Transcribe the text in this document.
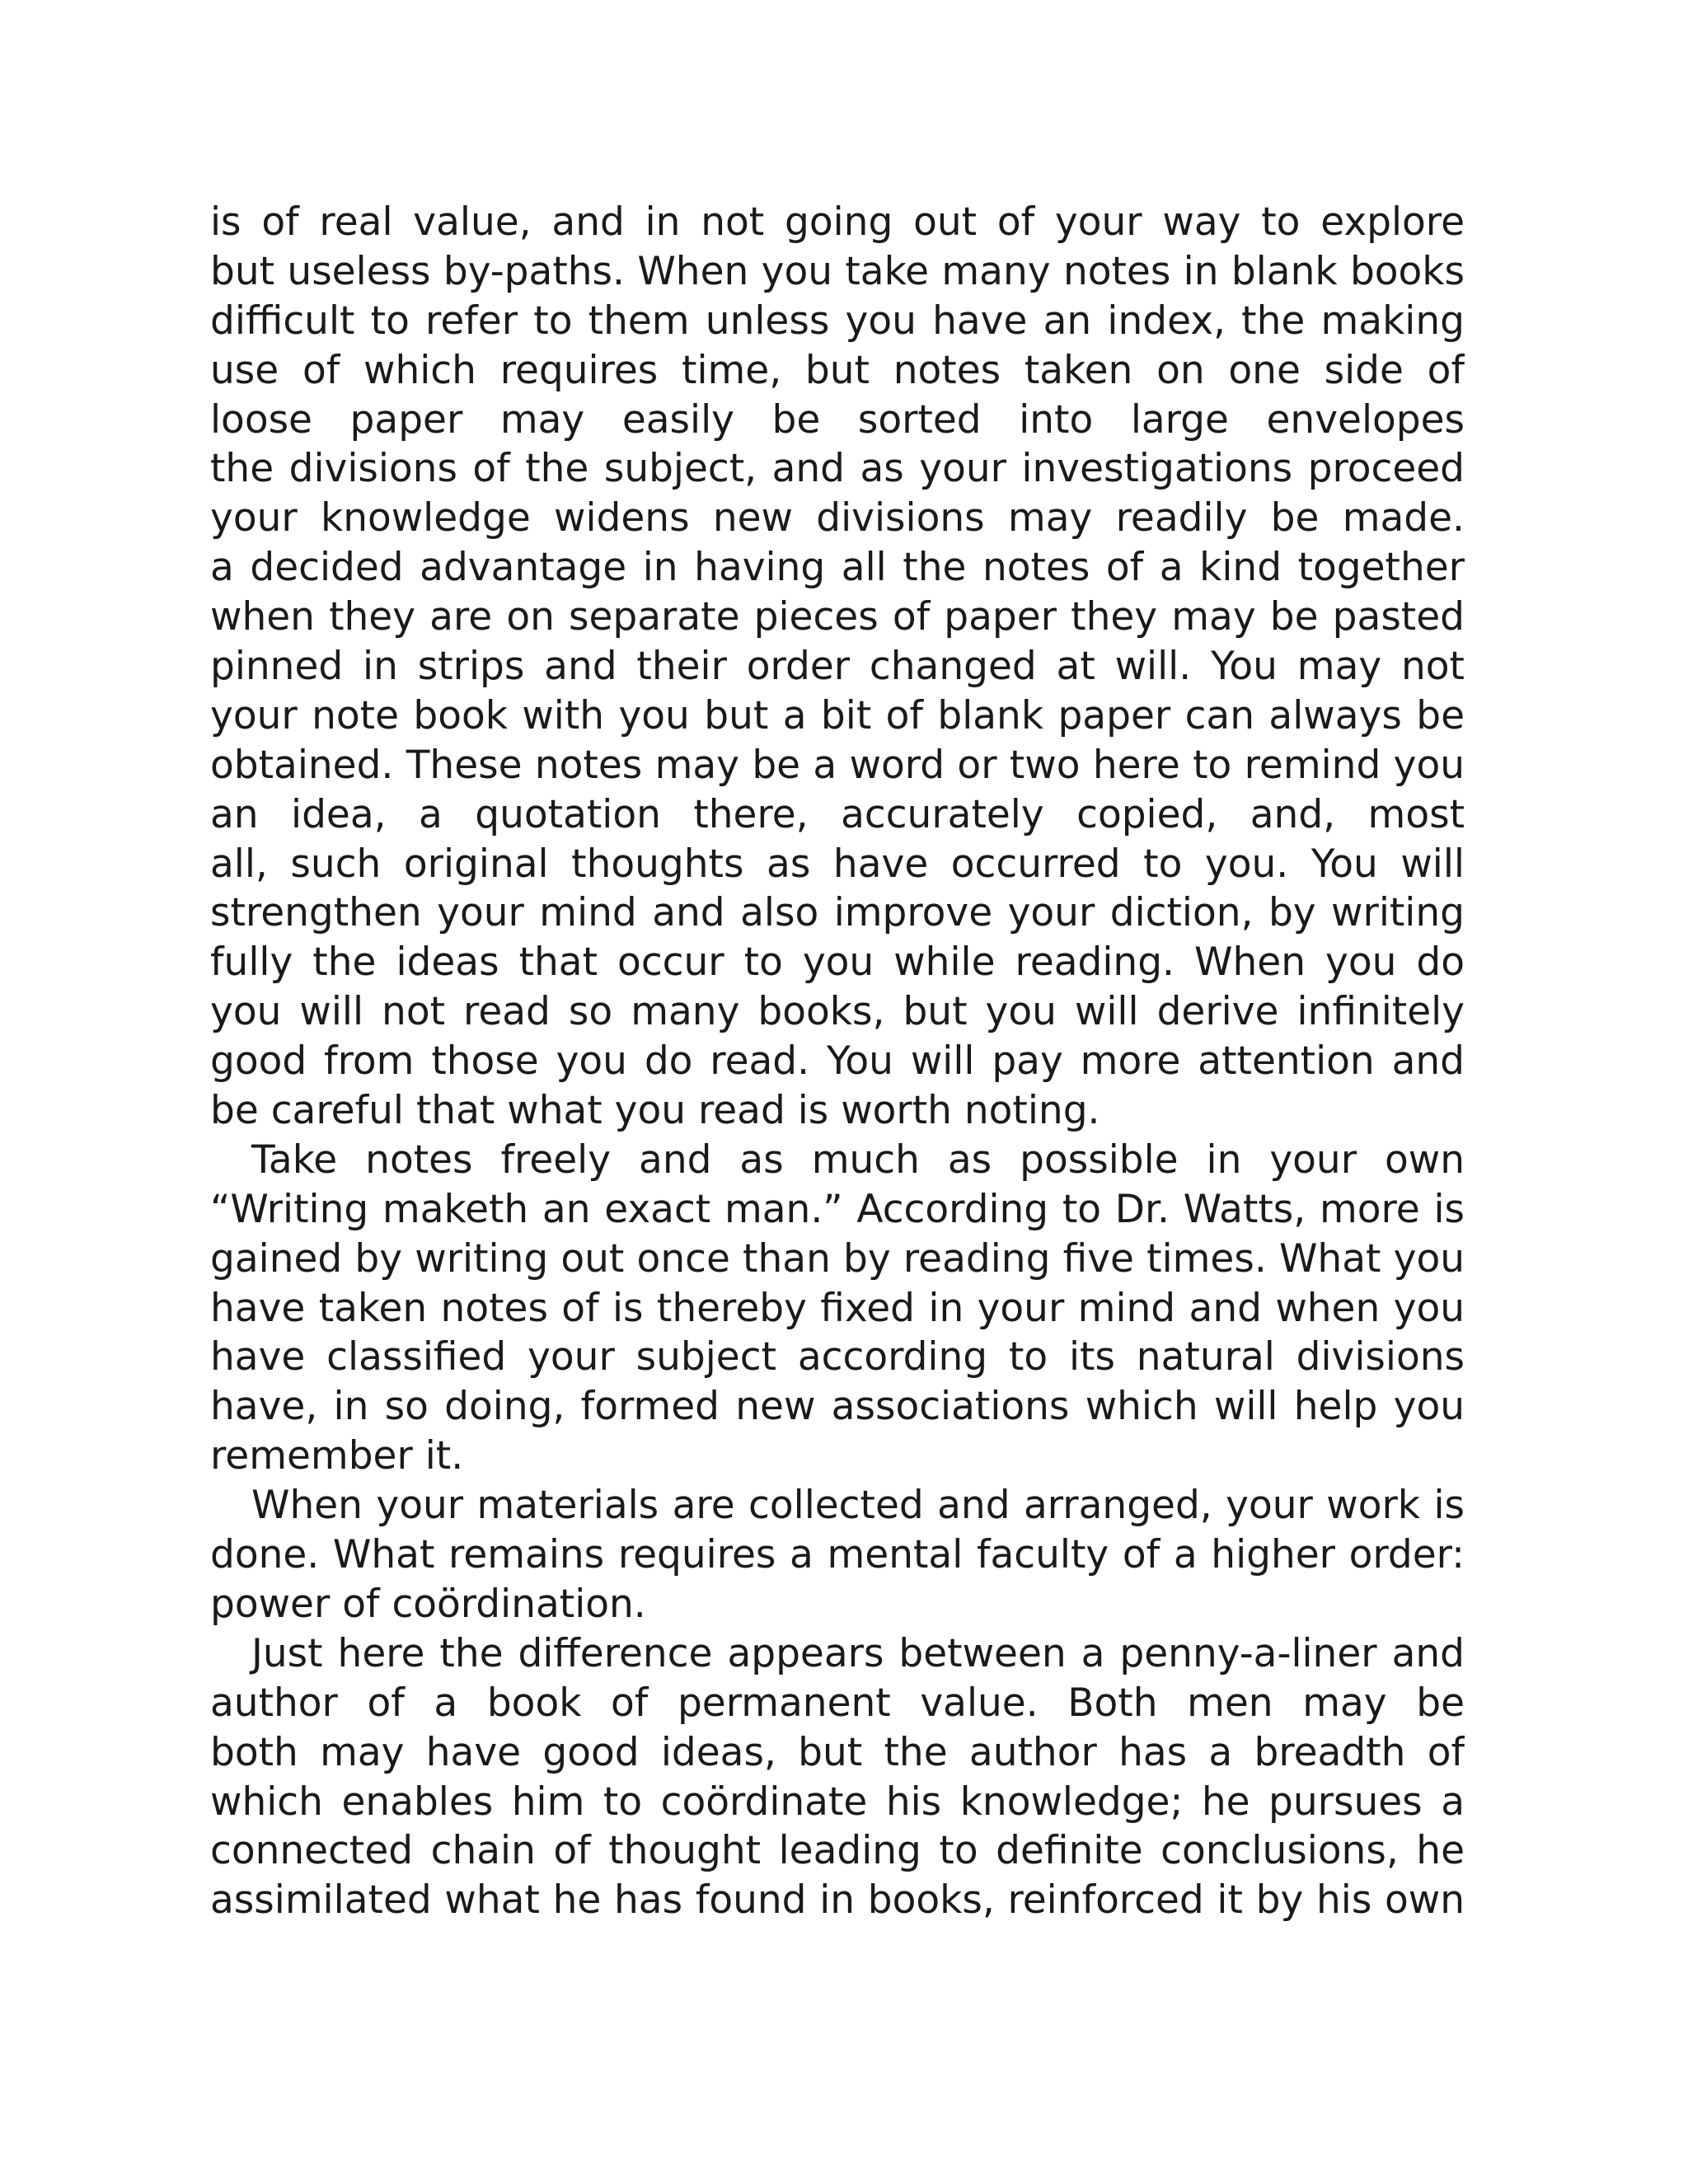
is of real value, and in not going out of your way to explore
but useless by-paths. When you take many notes in blank books
difficult to refer to them unless you have an index, the making
use of which requires time, but notes taken on one side of
loose paper may easily be sorted into large envelopes
the divisions of the subject, and as your investigations proceed
your knowledge widens new divisions may readily be made.
a decided advantage in having all the notes of a kind together
when they are on separate pieces of paper they may be pasted
pinned in strips and their order changed at will. You may not
your note book with you but a bit of blank paper can always be
obtained. These notes may be a word or two here to remind you
an idea, a quotation there, accurately copied, and, most
all, such original thoughts as have occurred to you. You will
strengthen your mind and also improve your diction, by writing
fully the ideas that occur to you while reading. When you do
you will not read so many books, but you will derive infinitely
good from those you do read. You will pay more attention and
be careful that what you read is worth noting.
Take notes freely and as much as possible in your own
“Writing maketh an exact man.” According to Dr. Watts, more is
gained by writing out once than by reading five times. What you
have taken notes of is thereby fixed in your mind and when you
have classified your subject according to its natural divisions
have, in so doing, formed new associations which will help you
remember it.
When your materials are collected and arranged, your work is
done. What remains requires a mental faculty of a higher order:
power of coördination.
Just here the difference appears between a penny-a-liner and
author of a book of permanent value. Both men may be
both may have good ideas, but the author has a breadth of
which enables him to coördinate his knowledge; he pursues a
connected chain of thought leading to definite conclusions, he
assimilated what he has found in books, reinforced it by his own
